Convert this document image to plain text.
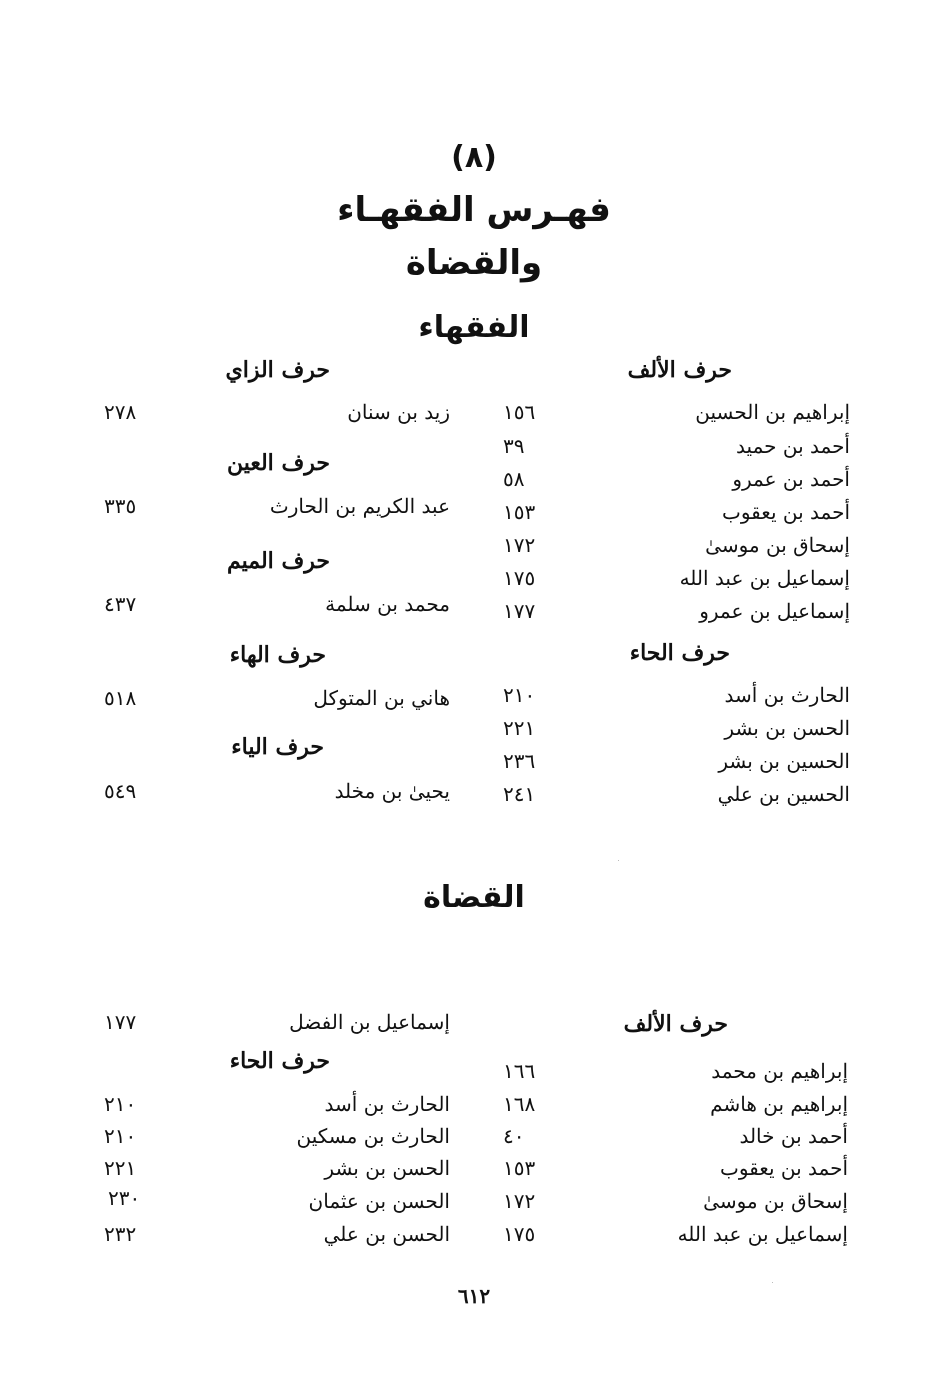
(٨)
فهـرس الفقهـاء
والقضاة
الفقهاء
حرف الألف
إبراهيم بن الحسين
١٥٦
أحمد بن حميد
٣٩
أحمد بن عمرو
٥٨
أحمد بن يعقوب
١٥٣
إسحاق بن موسىٰ
١٧٢
إسماعيل بن عبد الله
١٧٥
إسماعيل بن عمرو
١٧٧
حرف الحاء
الحارث بن أسد
٢١٠
الحسن بن بشر
٢٢١
الحسين بن بشر
٢٣٦
الحسين بن علي
٢٤١
حرف الزاي
زيد بن سنان
٢٧٨
حرف العين
عبد الكريم بن الحارث
٣٣٥
حرف الميم
محمد بن سلمة
٤٣٧
حرف الهاء
هاني بن المتوكل
٥١٨
حرف الياء
يحيىٰ بن مخلد
٥٤٩
القضاة
حرف الألف
إبراهيم بن محمد
١٦٦
إبراهيم بن هاشم
١٦٨
أحمد بن خالد
٤٠
أحمد بن يعقوب
١٥٣
إسحاق بن موسىٰ
١٧٢
إسماعيل بن عبد الله
١٧٥
إسماعيل بن الفضل
١٧٧
حرف الحاء
الحارث بن أسد
٢١٠
الحارث بن مسكين
٢١٠
الحسن بن بشر
٢٢١
الحسن بن عثمان
٢٣٠
الحسن بن علي
٢٣٢
٦١٢
